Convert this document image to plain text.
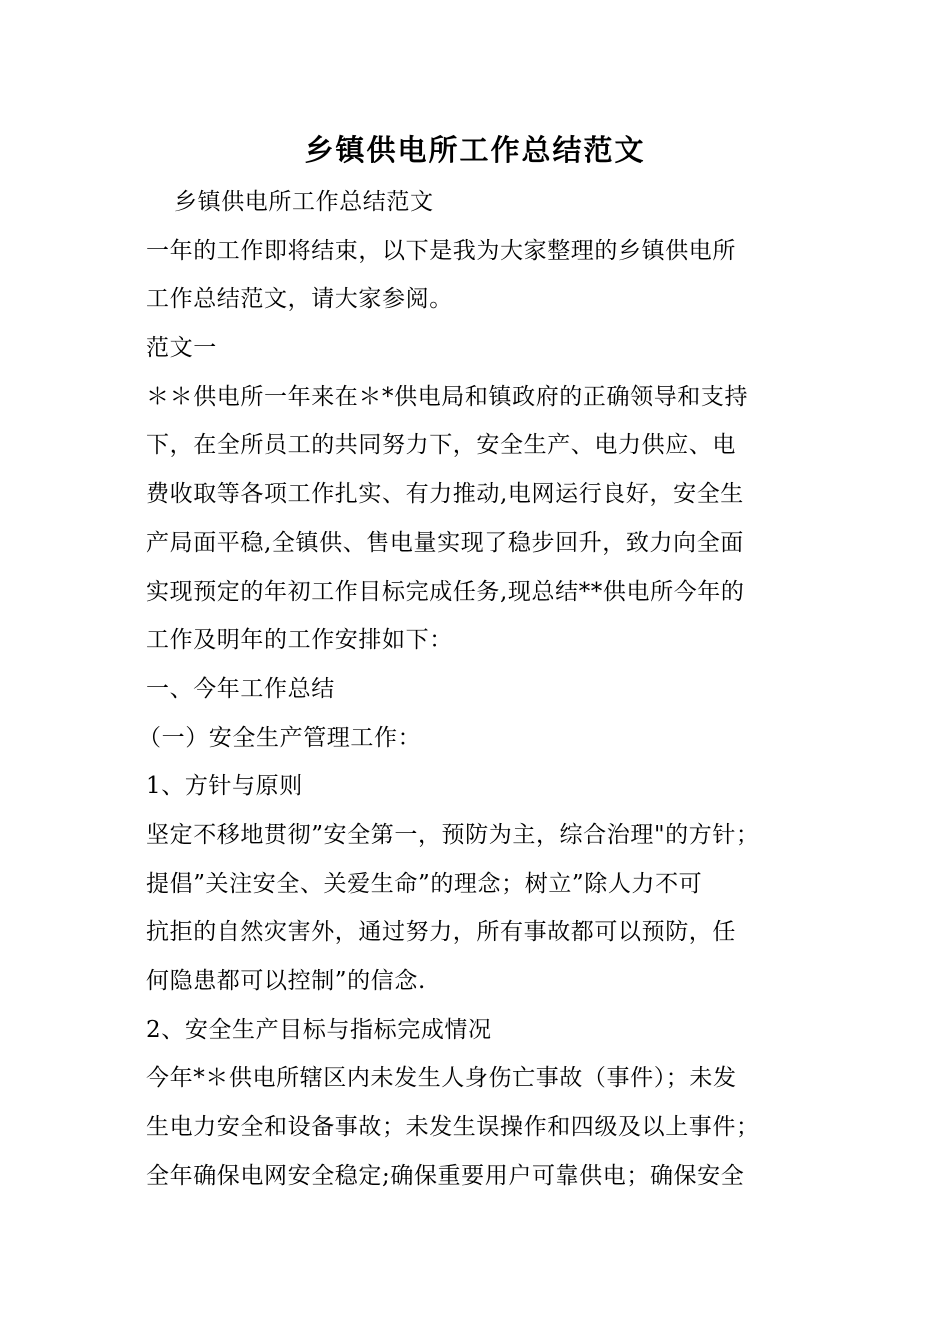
乡镇供电所工作总结范文
乡镇供电所工作总结范文
一年的工作即将结束，以下是我为大家整理的乡镇供电所
工作总结范文，请大家参阅。
范文一
＊＊供电所一年来在＊*供电局和镇政府的正确领导和支持
下，在全所员工的共同努力下，安全生产、电力供应、电
费收取等各项工作扎实、有力推动,电网运行良好，安全生
产局面平稳,全镇供、售电量实现了稳步回升，致力向全面
实现预定的年初工作目标完成任务,现总结**供电所今年的
工作及明年的工作安排如下：
一、今年工作总结
（一）安全生产管理工作：
1、方针与原则
坚定不移地贯彻”安全第一，预防为主，综合治理"的方针；
提倡”关注安全、关爱生命”的理念；树立”除人力不可
抗拒的自然灾害外，通过努力，所有事故都可以预防，任
何隐患都可以控制”的信念.
2、安全生产目标与指标完成情况
今年*＊供电所辖区内未发生人身伤亡事故（事件）；未发
生电力安全和设备事故；未发生误操作和四级及以上事件；
全年确保电网安全稳定;确保重要用户可靠供电；确保安全
